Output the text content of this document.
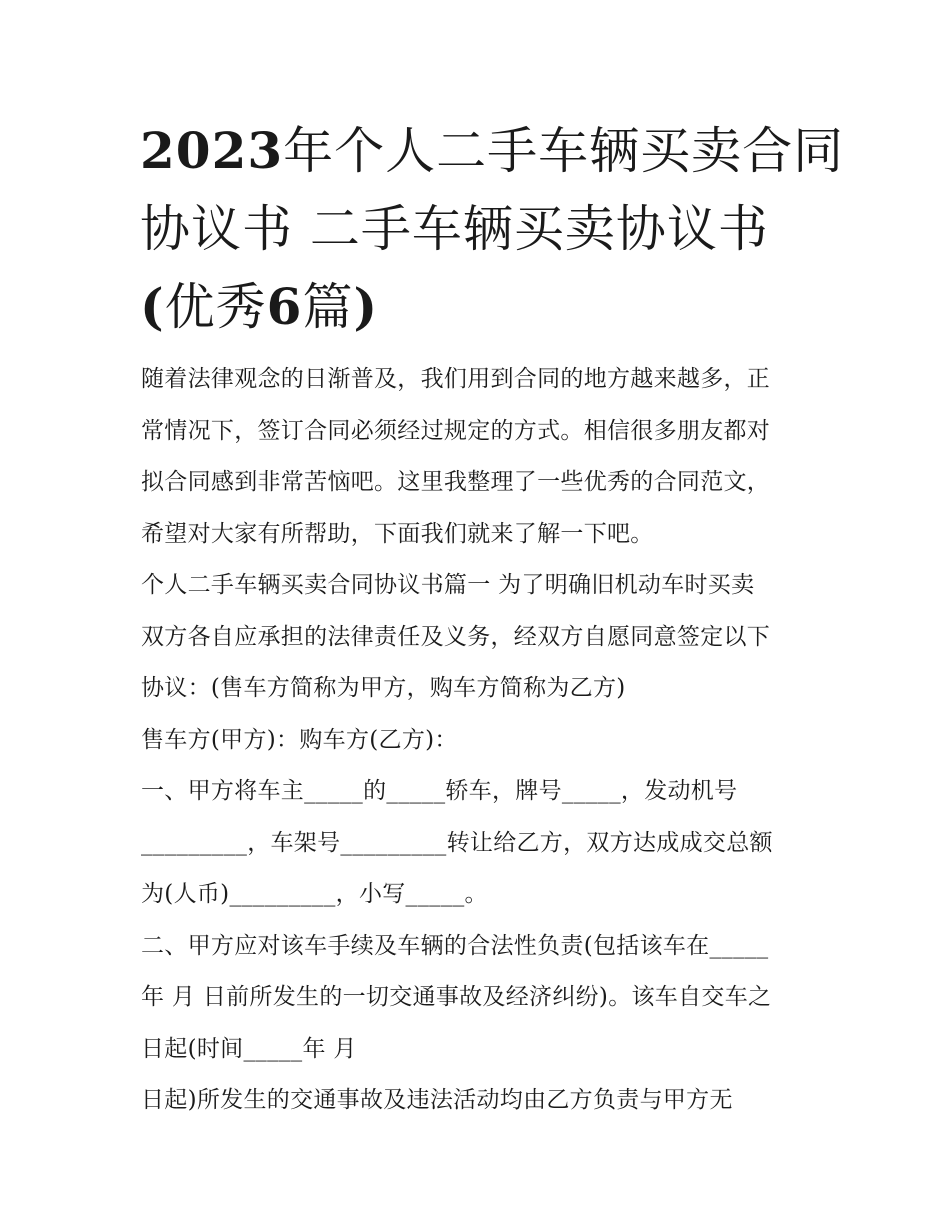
2023年个人二手车辆买卖合同
协议书 二手车辆买卖协议书
(优秀6篇)
随着法律观念的日渐普及，我们用到合同的地方越来越多，正
常情况下，签订合同必须经过规定的方式。相信很多朋友都对
拟合同感到非常苦恼吧。这里我整理了一些优秀的合同范文，
希望对大家有所帮助，下面我们就来了解一下吧。
个人二手车辆买卖合同协议书篇一 为了明确旧机动车时买卖
双方各自应承担的法律责任及义务，经双方自愿同意签定以下
协议：(售车方简称为甲方，购车方简称为乙方)
售车方(甲方)：购车方(乙方)：
一、甲方将车主_____的_____轿车，牌号_____，发动机号
_________，车架号_________转让给乙方，双方达成成交总额
为(人币)_________，小写_____。
二、甲方应对该车手续及车辆的合法性负责(包括该车在_____
年 月 日前所发生的一切交通事故及经济纠纷)。该车自交车之
日起(时间_____年 月
日起)所发生的交通事故及违法活动均由乙方负责与甲方无
